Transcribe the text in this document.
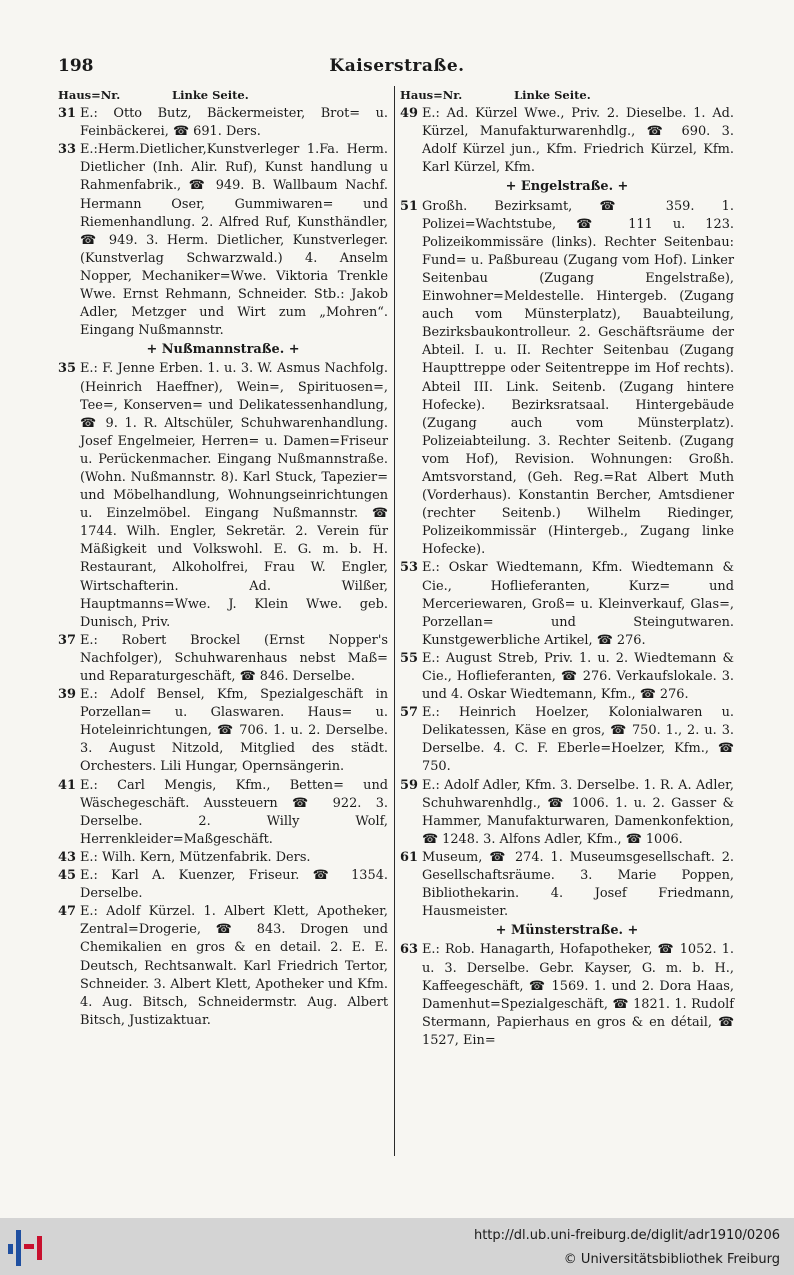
198	Kaiserstraße.
Haus=Nr.	Linke Seite.
31 E.: Otto Butz, Bäckermeister, Brot= u. Feinbäckerei, ☎ 691. Ders.
33 E.:Herm.Dietlicher,Kunstverleger 1.Fa. Herm. Dietlicher (Inh. Alir. Ruf), Kunst handlung u Rahmenfabrik., ☎ 949. B. Wallbaum Nachf. Hermann Oser, Gummiwaren= und Riemenhandlung. 2. Alfred Ruf, Kunsthändler, ☎ 949. 3. Herm. Dietlicher, Kunstverleger. (Kunstverlag Schwarzwald.) 4. Anselm Nopper, Mechaniker=Wwe. Viktoria Trenkle Wwe. Ernst Rehmann, Schneider. Stb.: Jakob Adler, Metzger und Wirt zum „Mohren“. Eingang Nußmannstr.
+ Nußmannstraße. +
35 E.: F. Jenne Erben. 1. u. 3. W. Asmus Nachfolg. (Heinrich Haeffner), Wein=, Spirituosen=, Tee=, Konserven= und Delikatessenhandlung, ☎ 9. 1. R. Altschüler, Schuhwarenhandlung. Josef Engelmeier, Herren= u. Damen=Friseur u. Perückenmacher. Eingang Nußmannstraße. (Wohn. Nußmannstr. 8). Karl Stuck, Tapezier= und Möbelhandlung, Wohnungseinrichtungen u. Einzelmöbel. Eingang Nußmannstr. ☎ 1744. Wilh. Engler, Sekretär. 2. Verein für Mäßigkeit und Volkswohl. E. G. m. b. H. Restaurant, Alkoholfrei, Frau W. Engler, Wirtschafterin. Ad. Wilßer, Hauptmanns=Wwe. J. Klein Wwe. geb. Dunisch, Priv.
37 E.: Robert Brockel (Ernst Nopper's Nachfolger), Schuhwarenhaus nebst Maß= und Reparaturgeschäft, ☎ 846. Derselbe.
39 E.: Adolf Bensel, Kfm, Spezialgeschäft in Porzellan= u. Glaswaren. Haus= u. Hoteleinrichtungen, ☎ 706. 1. u. 2. Derselbe. 3. August Nitzold, Mitglied des städt. Orchesters. Lili Hungar, Opernsängerin.
41 E.: Carl Mengis, Kfm., Betten= und Wäschegeschäft. Aussteuern ☎ 922. 3. Derselbe. 2. Willy Wolf, Herrenkleider=Maßgeschäft.
43 E.: Wilh. Kern, Mützenfabrik. Ders.
45 E.: Karl A. Kuenzer, Friseur. ☎ 1354. Derselbe.
47 E.: Adolf Kürzel. 1. Albert Klett, Apotheker, Zentral=Drogerie, ☎ 843. Drogen und Chemikalien en gros & en detail. 2. E. E. Deutsch, Rechtsanwalt. Karl Friedrich Tertor, Schneider. 3. Albert Klett, Apotheker und Kfm. 4. Aug. Bitsch, Schneidermstr. Aug. Albert Bitsch, Justizaktuar.
Haus=Nr.	Linke Seite.
49 E.: Ad. Kürzel Wwe., Priv. 2. Dieselbe. 1. Ad. Kürzel, Manufakturwarenhdlg., ☎ 690. 3. Adolf Kürzel jun., Kfm. Friedrich Kürzel, Kfm. Karl Kürzel, Kfm.
+ Engelstraße. +
51 Großh. Bezirksamt, ☎ 359. 1. Polizei=Wachtstube, ☎ 111 u. 123. Polizeikommissäre (links). Rechter Seitenbau: Fund= u. Paßbureau (Zugang vom Hof). Linker Seitenbau (Zugang Engelstraße), Einwohner=Meldestelle. Hintergeb. (Zugang auch vom Münsterplatz), Bauabteilung, Bezirksbaukontrolleur. 2. Geschäftsräume der Abteil. I. u. II. Rechter Seitenbau (Zugang Haupttreppe oder Seitentreppe im Hof rechts). Abteil III. Link. Seitenb. (Zugang hintere Hofecke). Bezirksratsaal. Hintergebäude (Zugang auch vom Münsterplatz). Polizeiabteilung. 3. Rechter Seitenb. (Zugang vom Hof), Revision. Wohnungen: Großh. Amtsvorstand, (Geh. Reg.=Rat Albert Muth (Vorderhaus). Konstantin Bercher, Amtsdiener (rechter Seitenb.) Wilhelm Riedinger, Polizeikommissär (Hintergeb., Zugang linke Hofecke).
53 E.: Oskar Wiedtemann, Kfm. Wiedtemann & Cie., Hoflieferanten, Kurz= und Merceriewaren, Groß= u. Kleinverkauf, Glas=, Porzellan= und Steingutwaren. Kunstgewerbliche Artikel, ☎ 276.
55 E.: August Streb, Priv. 1. u. 2. Wiedtemann & Cie., Hoflieferanten, ☎ 276. Verkaufslokale. 3. und 4. Oskar Wiedtemann, Kfm., ☎ 276.
57 E.: Heinrich Hoelzer, Kolonialwaren u. Delikatessen, Käse en gros, ☎ 750. 1., 2. u. 3. Derselbe. 4. C. F. Eberle=Hoelzer, Kfm., ☎ 750.
59 E.: Adolf Adler, Kfm. 3. Derselbe. 1. R. A. Adler, Schuhwarenhdlg., ☎ 1006. 1. u. 2. Gasser & Hammer, Manufakturwaren, Damenkonfektion, ☎ 1248. 3. Alfons Adler, Kfm., ☎ 1006.
61 Museum, ☎ 274. 1. Museumsgesellschaft. 2. Gesellschaftsräume. 3. Marie Poppen, Bibliothekarin. 4. Josef Friedmann, Hausmeister.
+ Münsterstraße. +
63 E.: Rob. Hanagarth, Hofapotheker, ☎ 1052. 1. u. 3. Derselbe. Gebr. Kayser, G. m. b. H., Kaffeegeschäft, ☎ 1569. 1. und 2. Dora Haas, Damenhut=Spezialgeschäft, ☎ 1821. 1. Rudolf Stermann, Papierhaus en gros & en détail, ☎ 1527, Ein=
http://dl.ub.uni-freiburg.de/diglit/adr1910/0206
© Universitätsbibliothek Freiburg
